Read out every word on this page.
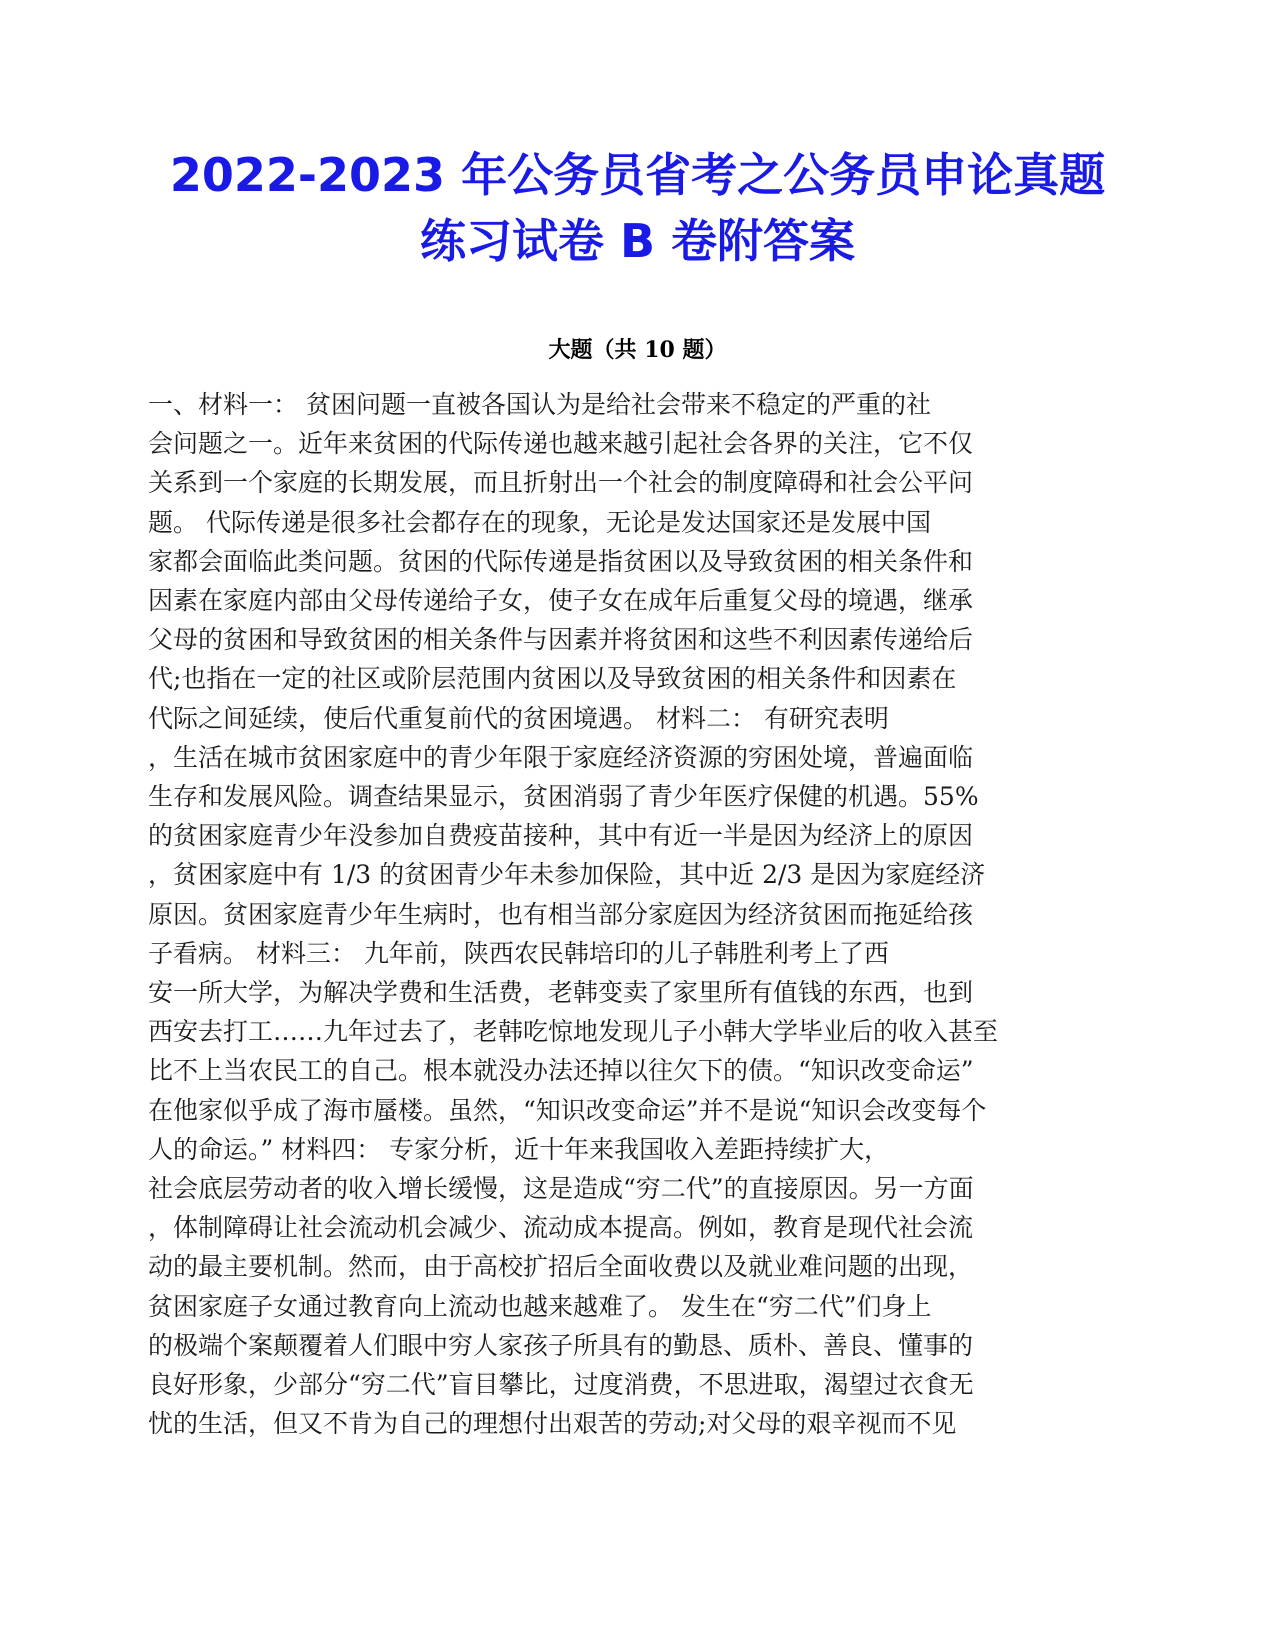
2022-2023 年公务员省考之公务员申论真题
练习试卷 B 卷附答案
大题（共 10 题）
一、材料一： 贫困问题一直被各国认为是给社会带来不稳定的严重的社
会问题之一。近年来贫困的代际传递也越来越引起社会各界的关注，它不仅
关系到一个家庭的长期发展，而且折射出一个社会的制度障碍和社会公平问
题。 代际传递是很多社会都存在的现象，无论是发达国家还是发展中国
家都会面临此类问题。贫困的代际传递是指贫困以及导致贫困的相关条件和
因素在家庭内部由父母传递给子女，使子女在成年后重复父母的境遇，继承
父母的贫困和导致贫困的相关条件与因素并将贫困和这些不利因素传递给后
代;也指在一定的社区或阶层范围内贫困以及导致贫困的相关条件和因素在
代际之间延续，使后代重复前代的贫困境遇。 材料二： 有研究表明
，生活在城市贫困家庭中的青少年限于家庭经济资源的穷困处境，普遍面临
生存和发展风险。调查结果显示，贫困消弱了青少年医疗保健的机遇。55%
的贫困家庭青少年没参加自费疫苗接种，其中有近一半是因为经济上的原因
，贫困家庭中有 1/3 的贫困青少年未参加保险，其中近 2/3 是因为家庭经济
原因。贫困家庭青少年生病时，也有相当部分家庭因为经济贫困而拖延给孩
子看病。 材料三： 九年前，陕西农民韩培印的儿子韩胜利考上了西
安一所大学，为解决学费和生活费，老韩变卖了家里所有值钱的东西，也到
西安去打工……九年过去了，老韩吃惊地发现儿子小韩大学毕业后的收入甚至
比不上当农民工的自己。根本就没办法还掉以往欠下的债。“知识改变命运”
在他家似乎成了海市蜃楼。虽然，“知识改变命运”并不是说“知识会改变每个
人的命运。” 材料四： 专家分析，近十年来我国收入差距持续扩大，
社会底层劳动者的收入增长缓慢，这是造成“穷二代”的直接原因。另一方面
，体制障碍让社会流动机会减少、流动成本提高。例如，教育是现代社会流
动的最主要机制。然而，由于高校扩招后全面收费以及就业难问题的出现，
贫困家庭子女通过教育向上流动也越来越难了。 发生在“穷二代”们身上
的极端个案颠覆着人们眼中穷人家孩子所具有的勤恳、质朴、善良、懂事的
良好形象，少部分“穷二代”盲目攀比，过度消费，不思进取，渴望过衣食无
忧的生活，但又不肯为自己的理想付出艰苦的劳动;对父母的艰辛视而不见
